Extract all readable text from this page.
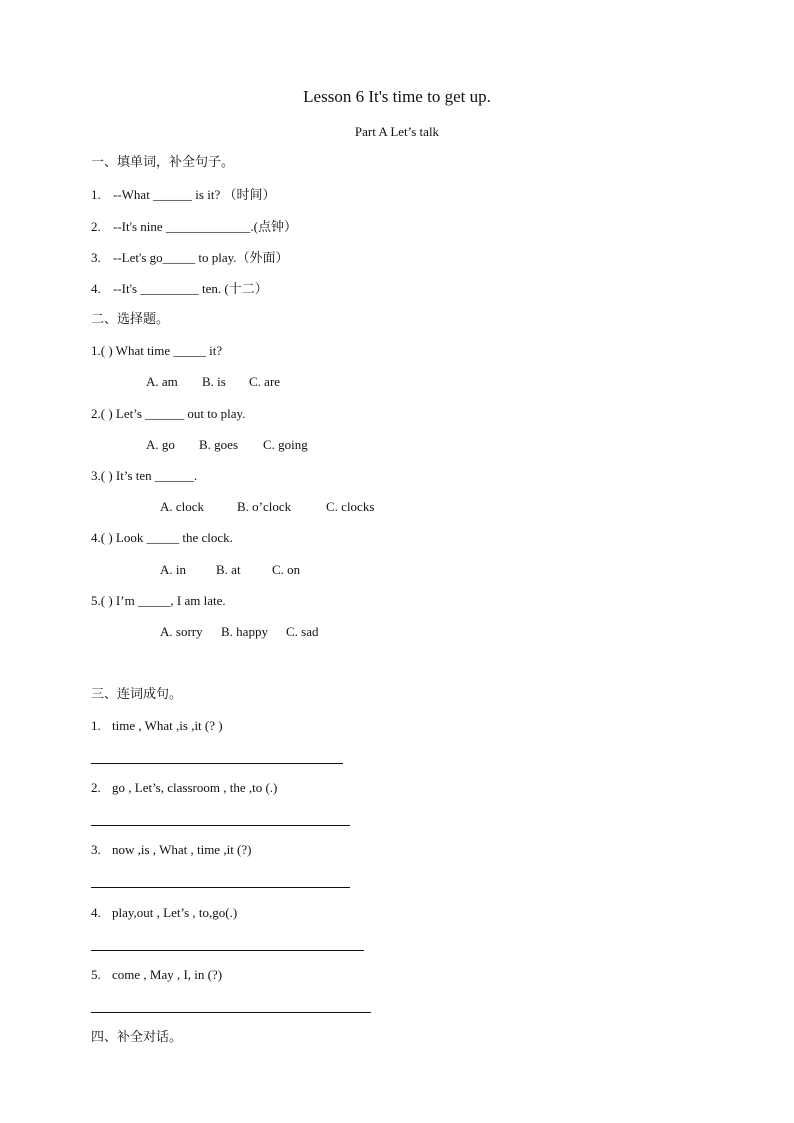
Lesson 6 It's time to get up.
Part A Let’s talk
一、填单词，补全句子。
1. --What ______ is it? （时间）
2. --It's nine _____________.(点钟）
3. --Let's go_____ to play.（外面）
4. --It's _________ ten. (十二）
二、选择题。
1.( ) What time _____ it?
A. am B. is C. are
2.( ) Let’s ______ out to play.
A. go B. goes C. going
3.( ) It’s ten ______.
A. clock	B. o’clock	C. clocks
4.( ) Look _____ the clock.
A. in B. at C. on
5.( ) I’m _____, I am late.
A. sorry B. happy C. sad
三、连词成句。
1. time , What ,is ,it (? )
2. go , Let’s, classroom , the ,to (.)
3. now ,is , What , time ,it (?)
4. play,out , Let’s , to,go(.)
5. come , May , I, in (?)
四、补全对话。
